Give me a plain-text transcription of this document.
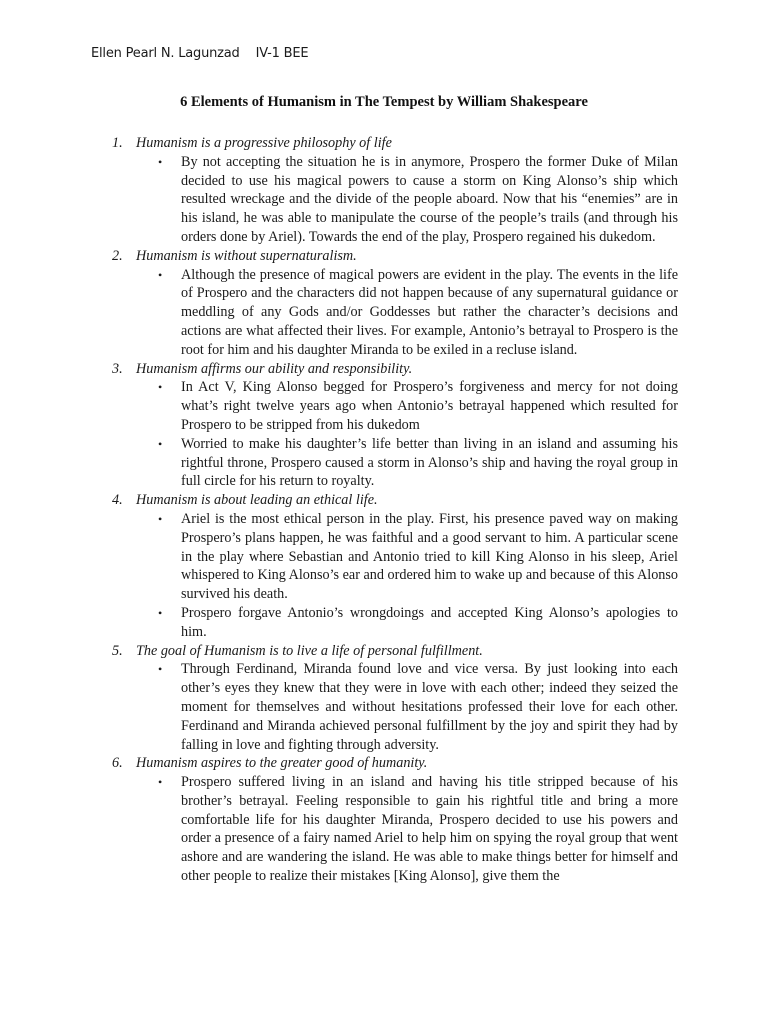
Ellen Pearl N. Lagunzad IV-1 BEE
6 Elements of Humanism in The Tempest by William Shakespeare
1. Humanism is a progressive philosophy of life
• By not accepting the situation he is in anymore, Prospero the former Duke of Milan decided to use his magical powers to cause a storm on King Alonso’s ship which resulted wreckage and the divide of the people aboard. Now that his “enemies” are in his island, he was able to manipulate the course of the people’s trails (and through his orders done by Ariel). Towards the end of the play, Prospero regained his dukedom.
2. Humanism is without supernaturalism.
• Although the presence of magical powers are evident in the play. The events in the life of Prospero and the characters did not happen because of any supernatural guidance or meddling of any Gods and/or Goddesses but rather the character’s decisions and actions are what affected their lives. For example, Antonio’s betrayal to Prospero is the root for him and his daughter Miranda to be exiled in a recluse island.
3. Humanism affirms our ability and responsibility.
• In Act V, King Alonso begged for Prospero’s forgiveness and mercy for not doing what’s right twelve years ago when Antonio’s betrayal happened which resulted for Prospero to be stripped from his dukedom
• Worried to make his daughter’s life better than living in an island and assuming his rightful throne, Prospero caused a storm in Alonso’s ship and having the royal group in full circle for his return to royalty.
4. Humanism is about leading an ethical life.
• Ariel is the most ethical person in the play. First, his presence paved way on making Prospero’s plans happen, he was faithful and a good servant to him. A particular scene in the play where Sebastian and Antonio tried to kill King Alonso in his sleep, Ariel whispered to King Alonso’s ear and ordered him to wake up and because of this Alonso survived his death.
• Prospero forgave Antonio’s wrongdoings and accepted King Alonso’s apologies to him.
5. The goal of Humanism is to live a life of personal fulfillment.
• Through Ferdinand, Miranda found love and vice versa. By just looking into each other’s eyes they knew that they were in love with each other; indeed they seized the moment for themselves and without hesitations professed their love for each other. Ferdinand and Miranda achieved personal fulfillment by the joy and spirit they had by falling in love and fighting through adversity.
6. Humanism aspires to the greater good of humanity.
• Prospero suffered living in an island and having his title stripped because of his brother’s betrayal. Feeling responsible to gain his rightful title and bring a more comfortable life for his daughter Miranda, Prospero decided to use his powers and order a presence of a fairy named Ariel to help him on spying the royal group that went ashore and are wandering the island. He was able to make things better for himself and other people to realize their mistakes [King Alonso], give them the
